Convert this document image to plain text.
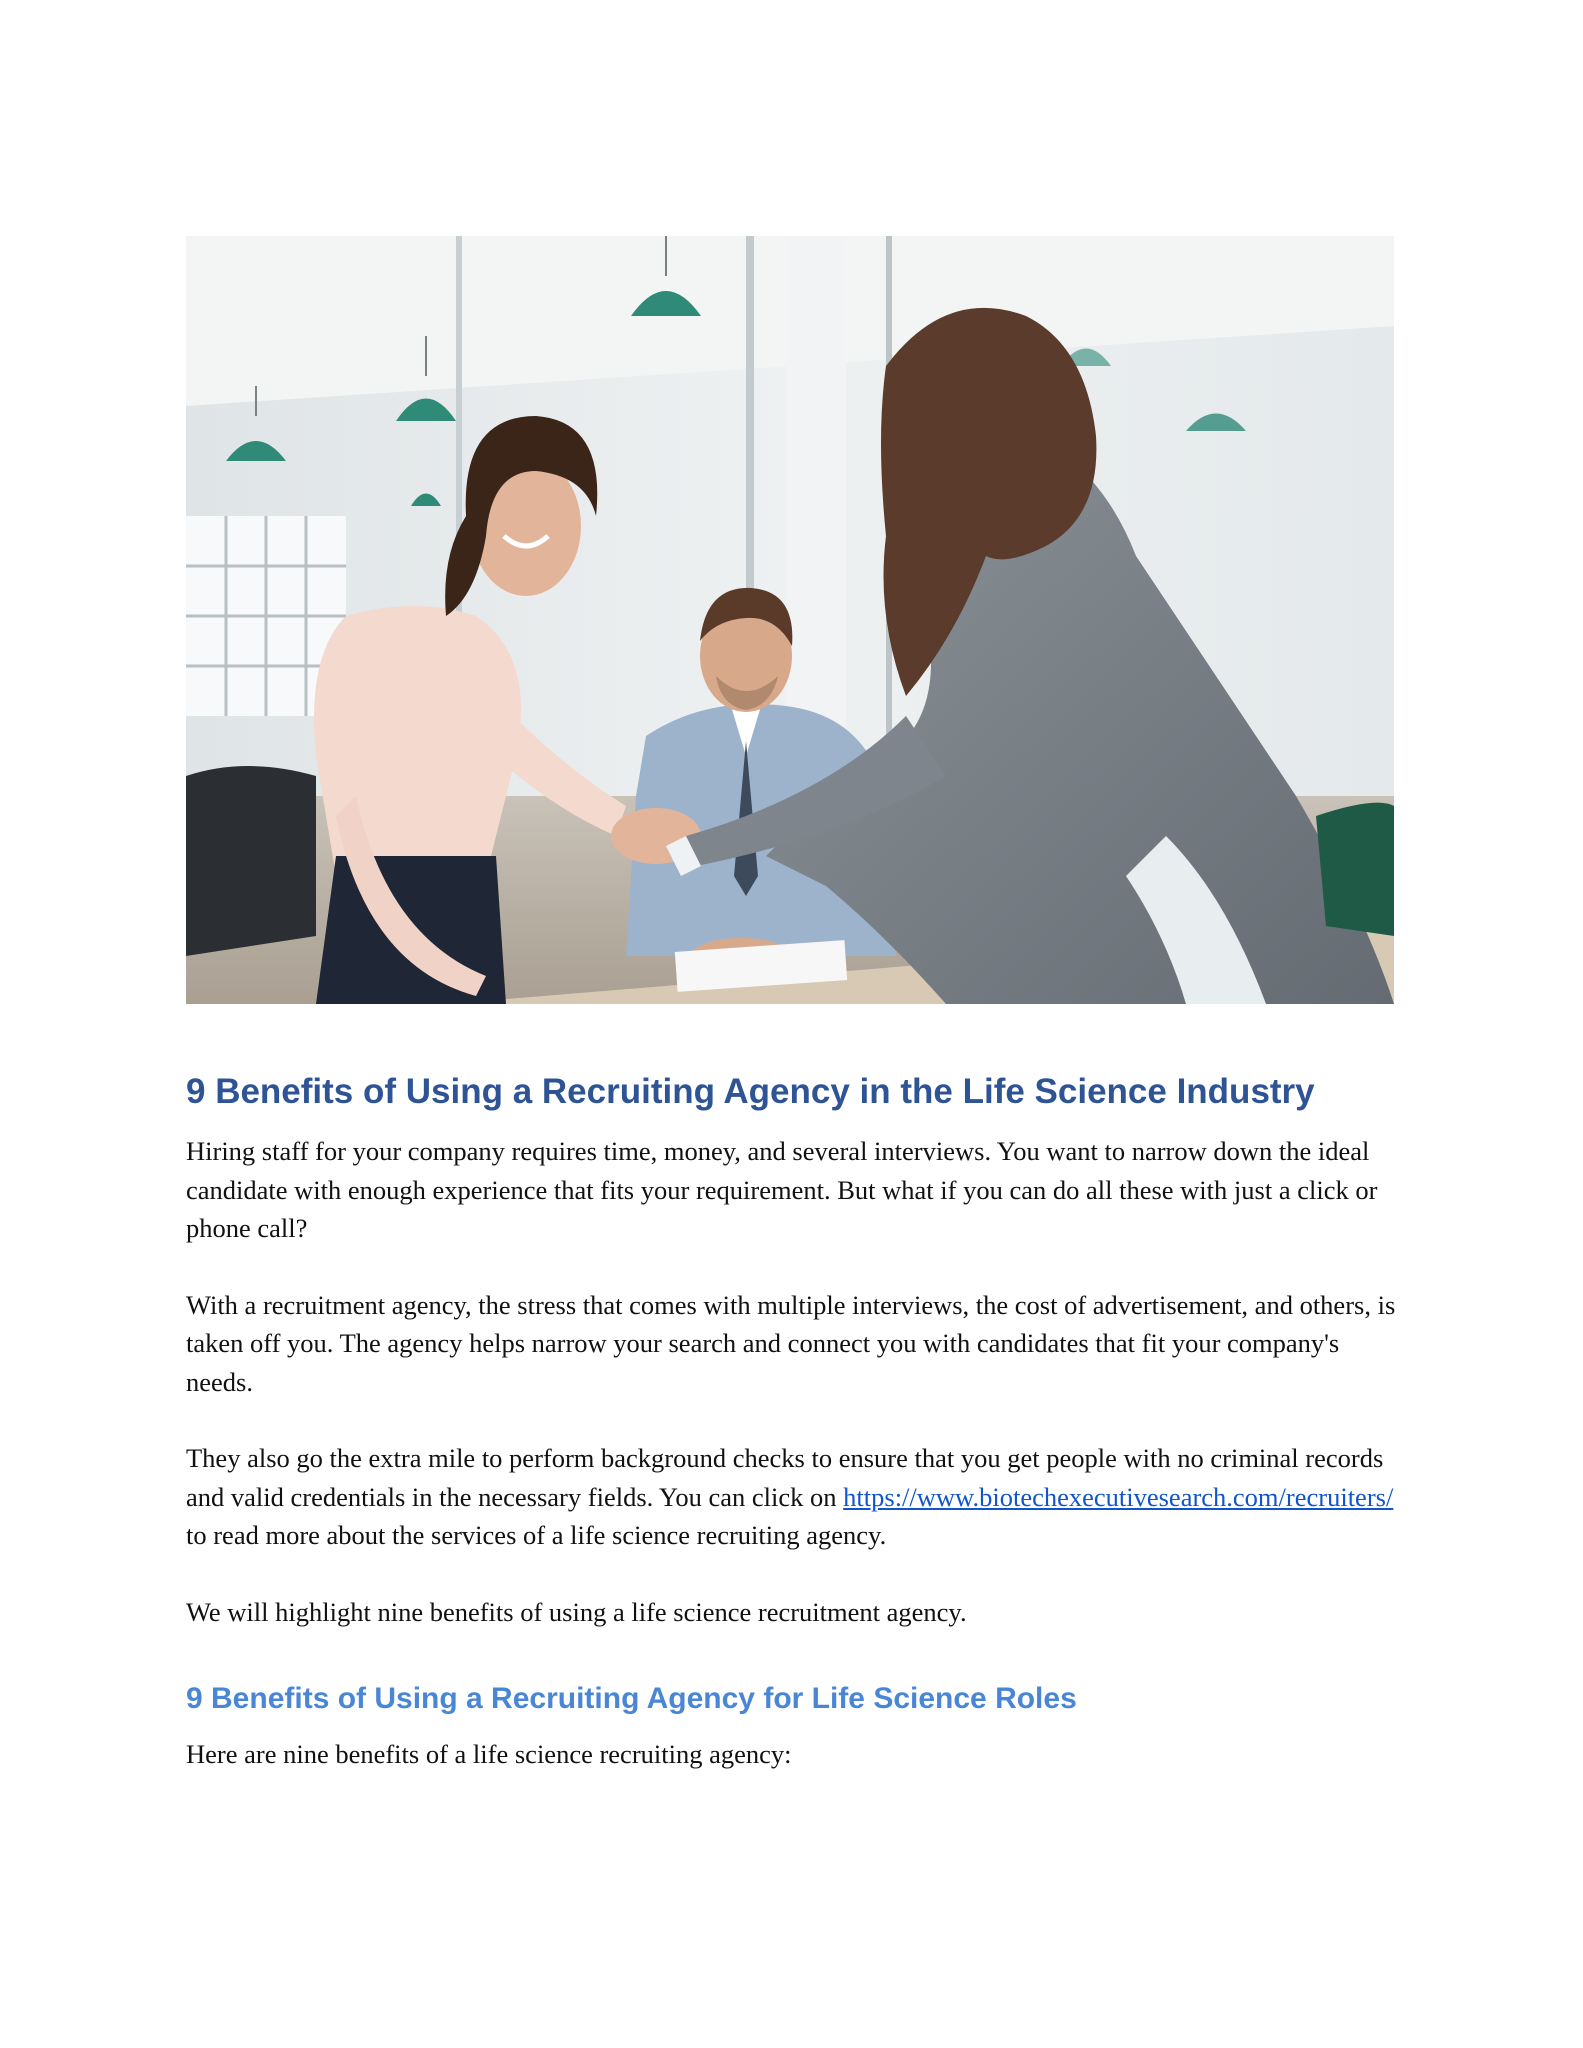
9 Benefits of Using a Recruiting Agency in the Life Science Industry

Hiring staff for your company requires time, money, and several interviews. You want to narrow down the ideal candidate with enough experience that fits your requirement. But what if you can do all these with just a click or phone call?

With a recruitment agency, the stress that comes with multiple interviews, the cost of advertisement, and others, is taken off you. The agency helps narrow your search and connect you with candidates that fit your company's needs.

They also go the extra mile to perform background checks to ensure that you get people with no criminal records and valid credentials in the necessary fields. You can click on https://www.biotechexecutivesearch.com/recruiters/ to read more about the services of a life science recruiting agency.

We will highlight nine benefits of using a life science recruitment agency.

9 Benefits of Using a Recruiting Agency for Life Science Roles

Here are nine benefits of a life science recruiting agency:
